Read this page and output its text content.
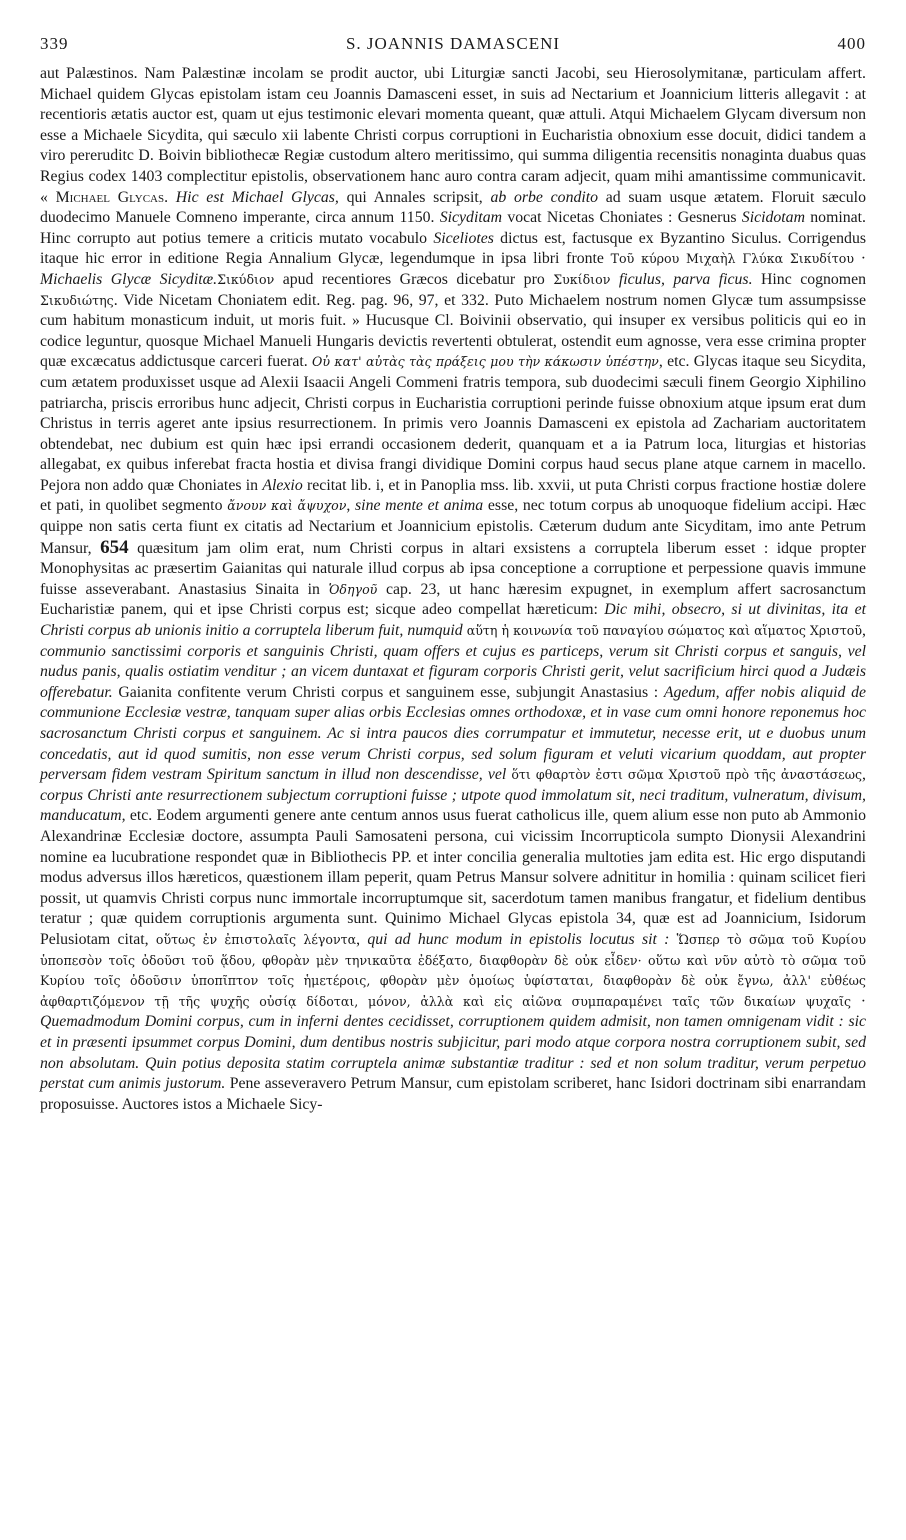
339	S. JOANNIS DAMASCENI	400

aut Palæstinos. Nam Palæstinæ incolam se prodit auctor, ubi Liturgiæ sancti Jacobi, seu Hierosolymitanæ, particulam affert. Michael quidem Glycas epistolam istam ceu Joannis Damasceni esset, in suis ad Nectarium et Joannicium litteris allegavit : at recentioris ætatis auctor est, quam ut ejus testimonic elevari momenta queant, quæ attuli. Atqui Michaelem Glycam diversum non esse a Michaele Sicydita, qui sæculo xii labente Christi corpus corruptioni in Eucharistia obnoxium esse docuit, didici tandem a viro pereruditc D. Boivin bibliothecæ Regiæ custodum altero meritissimo, qui summa diligentia recensitis nonaginta duabus quas Regius codex 1403 complectitur epistolis, observationem hanc auro contra caram adjecit, quam mihi amantissime communicavit. « Michael Glycas. Hic est Michael Glycas, qui Annales scripsit, ab orbe condito ad suam usque ætatem. Floruit sæculo duodecimo Manuele Comneno imperante, circa annum 1150. Sicyditam vocat Nicetas Choniates : Gesnerus Sicidotam nominat. Hinc corrupto aut potius temere a criticis mutato vocabulo Siceliotes dictus est, factusque ex Byzantino Siculus. Corrigendus itaque hic error in editione Regia Annalium Glycæ, legendumque in ipsa libri fronte Τοῦ κύρου Μιχαὴλ Γλύκα Σικυδίτου · Michaelis Glycæ Sicyditæ.Σικύδιον apud recentiores Græcos dicebatur pro Συκίδιον ficulus, parva ficus. Hinc cognomen Σικυδιώτης. Vide Nicetam Choniatem edit. Reg. pag. 96, 97, et 332. Puto Michaelem nostrum nomen Glycæ tum assumpsisse cum habitum monasticum induit, ut moris fuit. » Hucusque Cl. Boivinii observatio, qui insuper ex versibus politicis qui eo in codice leguntur, quosque Michael Manueli Hungaris devictis revertenti obtulerat, ostendit eum agnosse, vera esse crimina propter quæ excæcatus addictusque carceri fuerat. Οὐ κατ' αὐτὰς τὰς πράξεις μου τὴν κάκωσιν ὑπέστην, etc. Glycas itaque seu Sicydita, cum ætatem produxisset usque ad Alexii Isaacii Angeli Commeni fratris tempora, sub duodecimi sæculi finem Georgio Xiphilino patriarcha, priscis erroribus hunc adjecit, Christi corpus in Eucharistia corruptioni perinde fuisse obnoxium atque ipsum erat dum Christus in terris ageret ante ipsius resurrectionem. In primis vero Joannis Damasceni ex epistola ad Zachariam auctoritatem obtendebat, nec dubium est quin hæc ipsi errandi occasionem dederit, quanquam et a ia Patrum loca, liturgias et historias allegabat, ex quibus inferebat fracta hostia et divisa frangi dividique Domini corpus haud secus plane atque carnem in macello. Pejora non addo quæ Choniates in Alexio recitat lib. i, et in Panoplia mss. lib. xxvii, ut puta Christi corpus fractione hostiæ dolere et pati, in quolibet segmento ἄνουν καὶ ἄψυχον, sine mente et anima esse, nec totum corpus ab unoquoque fidelium accipi. Hæc quippe non satis certa fiunt ex citatis ad Nectarium et Joannicium epistolis. Cæterum dudum ante Sicyditam, imo ante Petrum Mansur, 654 quæsitum jam olim erat, num Christi corpus in altari exsistens a corruptela liberum esset : idque propter Monophysitas ac præsertim Gaianitas qui naturale illud corpus ab ipsa conceptione a corruptione et perpessione quavis immune fuisse asseverabant. Anastasius Sinaita in Ὁδηγοῦ cap. 23, ut hanc hæresim expugnet, in exemplum affert sacrosanctum Eucharistiæ panem, qui et ipse Christi corpus est; sicque adeo compellat hæreticum: Dic mihi, obsecro, si ut divinitas, ita et Christi corpus ab unionis initio a corruptela liberum fuit, numquid αὕτη ἡ κοινωνία τοῦ παναγίου σώματος καὶ αἵματος Χριστοῦ, communio sanctissimi corporis et sanguinis Christi, quam offers et cujus es particeps, verum sit Christi corpus et sanguis, vel nudus panis, qualis ostiatim venditur ; an vicem duntaxat et figuram corporis Christi gerit, velut sacrificium hirci quod a Judæis offerebatur. Gaianita confitente verum Christi corpus et sanguinem esse, subjungit Anastasius : Agedum, affer nobis aliquid de communione Ecclesiæ vestræ, tanquam super alias orbis Ecclesias omnes orthodoxæ, et in vase cum omni honore reponemus hoc sacrosanctum Christi corpus et sanguinem. Ac si intra paucos dies corrumpatur et immutetur, necesse erit, ut e duobus unum concedatis, aut id quod sumitis, non esse verum Christi corpus, sed solum figuram et veluti vicarium quoddam, aut propter perversam fidem vestram Spiritum sanctum in illud non descendisse, vel ὅτι φθαρτὸν ἐστι σῶμα Χριστοῦ πρὸ τῆς ἀναστάσεως, corpus Christi ante resurrectionem subjectum corruptioni fuisse ; utpote quod immolatum sit, neci traditum, vulneratum, divisum, manducatum, etc. Eodem argumenti genere ante centum annos usus fuerat catholicus ille, quem alium esse non puto ab Ammonio Alexandrinæ Ecclesiæ doctore, assumpta Pauli Samosateni persona, cui vicissim Incorrupticola sumpto Dionysii Alexandrini nomine ea lucubratione respondet quæ in Bibliothecis PP. et inter concilia generalia multoties jam edita est. Hic ergo disputandi modus adversus illos hæreticos, quæstionem illam peperit, quam Petrus Mansur solvere adnititur in homilia : quinam scilicet fieri possit, ut quamvis Christi corpus nunc immortale incorruptumque sit, sacerdotum tamen manibus frangatur, et fidelium dentibus teratur ; quæ quidem corruptionis argumenta sunt. Quinimo Michael Glycas epistola 34, quæ est ad Joannicium, Isidorum Pelusiotam citat, οὕτως ἐν ἐπιστολαῖς λέγοντα, qui ad hunc modum in epistolis locutus sit : Ὥσπερ τὸ σῶμα τοῦ Κυρίου ὑποπεσὸν τοῖς ὀδοῦσι τοῦ ᾅδου, φθορὰν μὲν τηνικαῦτα ἐδέξατο, διαφθορὰν δὲ οὐκ εἶδεν· οὕτω καὶ νῦν αὐτὸ τὸ σῶμα τοῦ Κυρίου τοῖς ὀδοῦσιν ὑποπῖπτον τοῖς ἡμετέροις, φθορὰν μὲν ὁμοίως ὑφίσταται, διαφθορὰν δὲ οὐκ ἔγνω, ἀλλ' εὐθέως ἀφθαρτιζόμενον τῇ τῆς ψυχῆς οὐσίᾳ δίδοται, μόνον, ἀλλὰ καὶ εἰς αἰῶνα συμπαραμένει ταῖς τῶν δικαίων ψυχαῖς · Quemadmodum Domini corpus, cum in inferni dentes cecidisset, corruptionem quidem admisit, non tamen omnigenam vidit : sic et in præsenti ipsummet corpus Domini, dum dentibus nostris subjicitur, pari modo atque corpora nostra corruptionem subit, sed non absolutam. Quin potius deposita statim corruptela animæ substantiæ traditur : sed et non solum traditur, verum perpetuo perstat cum animis justorum. Pene asseveravero Petrum Mansur, cum epistolam scriberet, hanc Isidori doctrinam sibi enarrandam proposuisse. Auctores istos a Michaele Sicy-
